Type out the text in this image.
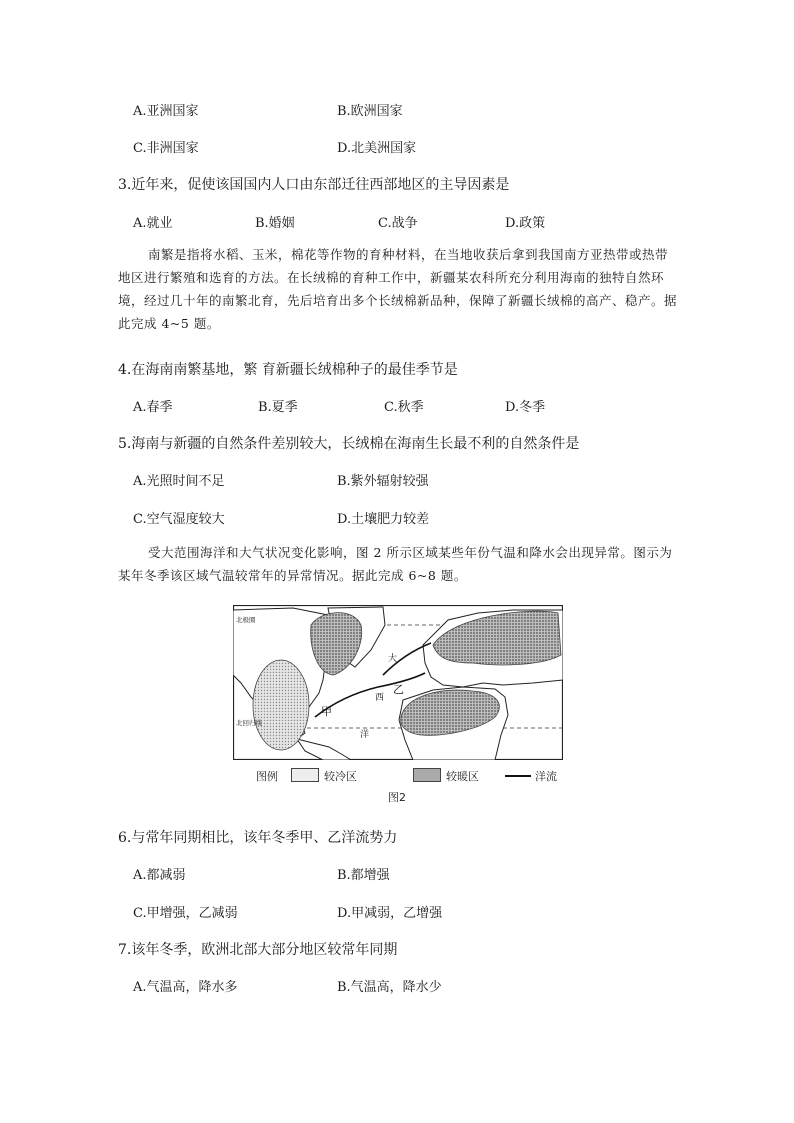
A.亚洲国家	B.欧洲国家
C.非洲国家	D.北美洲国家
3.近年来，促使该国国内人口由东部迁往西部地区的主导因素是
A.就业	B.婚姻	C.战争	D.政策
南繁是指将水稻、玉米，棉花等作物的育种材料，在当地收获后拿到我国南方亚热带或热带地区进行繁殖和选育的方法。在长绒棉的育种工作中，新疆某农科所充分利用海南的独特自然环境，经过几十年的南繁北育，先后培育出多个长绒棉新品种，保障了新疆长绒棉的高产、稳产。据此完成 4~5 题。
4.在海南南繁基地，繁 育新疆长绒棉种子的最佳季节是
A.春季	B.夏季	C.秋季	D.冬季
5.海南与新疆的自然条件差别较大，长绒棉在海南生长最不利的自然条件是
A.光照时间不足	B.紫外辐射较强
C.空气湿度较大	D.土壤肥力较差
受大范围海洋和大气状况变化影响，图 2 所示区域某些年份气温和降水会出现异常。图示为某年冬季该区域气温较常年的异常情况。据此完成 6~8 题。
北极圈
北回归线
甲
乙
大
西
洋
图例	较冷区	较暖区	洋流
图2
6.与常年同期相比，该年冬季甲、乙洋流势力
A.都减弱	B.都增强
C.甲增强，乙减弱	D.甲减弱，乙增强
7.该年冬季，欧洲北部大部分地区较常年同期
A.气温高，降水多	B.气温高，降水少
